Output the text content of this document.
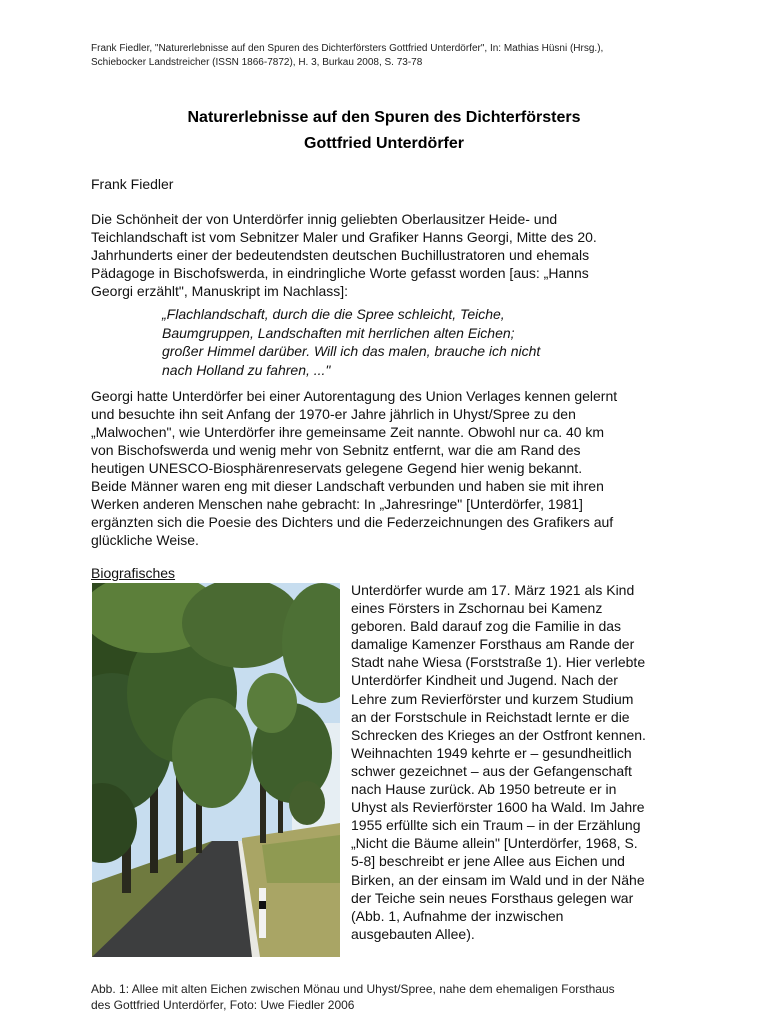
Frank Fiedler, "Naturerlebnisse auf den Spuren des Dichterförsters Gottfried Unterdörfer", In: Mathias Hüsni (Hrsg.),
Schiebocker Landstreicher (ISSN 1866-7872), H. 3, Burkau 2008, S. 73-78
Naturerlebnisse auf den Spuren des Dichterförsters
Gottfried Unterdörfer
Frank Fiedler
Die Schönheit der von Unterdörfer innig geliebten Oberlausitzer Heide- und
Teichlandschaft ist vom Sebnitzer Maler und Grafiker Hanns Georgi, Mitte des 20.
Jahrhunderts einer der bedeutendsten deutschen Buchillustratoren und ehemals
Pädagoge in Bischofswerda, in eindringliche Worte gefasst worden [aus: „Hanns
Georgi erzählt", Manuskript im Nachlass]:
„Flachlandschaft, durch die die Spree schleicht, Teiche,
Baumgruppen, Landschaften mit herrlichen alten Eichen;
großer Himmel darüber. Will ich das malen, brauche ich nicht
nach Holland zu fahren, ..."
Georgi hatte Unterdörfer bei einer Autorentagung des Union Verlages kennen gelernt
und besuchte ihn seit Anfang der 1970-er Jahre jährlich in Uhyst/Spree zu den
„Malwochen", wie Unterdörfer ihre gemeinsame Zeit nannte. Obwohl nur ca. 40 km
von Bischofswerda und wenig mehr von Sebnitz entfernt, war die am Rand des
heutigen UNESCO-Biosphärenreservats gelegene Gegend hier wenig bekannt.
Beide Männer waren eng mit dieser Landschaft verbunden und haben sie mit ihren
Werken anderen Menschen nahe gebracht: In „Jahresringe" [Unterdörfer, 1981]
ergänzten sich die Poesie des Dichters und die Federzeichnungen des Grafikers auf
glückliche Weise.
Biografisches
Unterdörfer wurde am 17. März 1921 als Kind
eines Försters in Zschornau bei Kamenz
geboren. Bald darauf zog die Familie in das
damalige Kamenzer Forsthaus am Rande der
Stadt nahe Wiesa (Forststraße 1). Hier verlebte
Unterdörfer Kindheit und Jugend. Nach der
Lehre zum Revierförster und kurzem Studium
an der Forstschule in Reichstadt lernte er die
Schrecken des Krieges an der Ostfront kennen.
Weihnachten 1949 kehrte er – gesundheitlich
schwer gezeichnet – aus der Gefangenschaft
nach Hause zurück. Ab 1950 betreute er in
Uhyst als Revierförster 1600 ha Wald. Im Jahre
1955 erfüllte sich ein Traum – in der Erzählung
„Nicht die Bäume allein" [Unterdörfer, 1968, S.
5-8] beschreibt er jene Allee aus Eichen und
Birken, an der einsam im Wald und in der Nähe
der Teiche sein neues Forsthaus gelegen war
(Abb. 1, Aufnahme der inzwischen
ausgebauten Allee).
Abb. 1: Allee mit alten Eichen zwischen Mönau und Uhyst/Spree, nahe dem ehemaligen Forsthaus
des Gottfried Unterdörfer, Foto: Uwe Fiedler 2006
